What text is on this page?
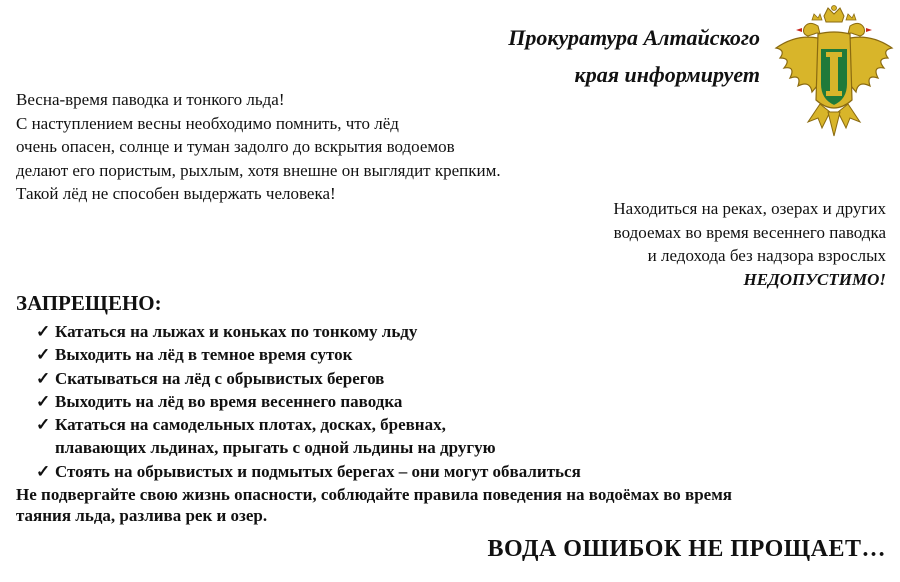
Прокуратура Алтайского
края информирует
Весна-время паводка и тонкого льда!
С наступлением весны необходимо помнить, что лёд
очень опасен, солнце и туман задолго до вскрытия водоемов
делают его пористым, рыхлым, хотя внешне он выглядит крепким.
Такой лёд не способен выдержать человека!
Находиться на реках, озерах и других
водоемах во время весеннего паводка
и ледохода без надзора взрослых
НЕДОПУСТИМО!
ЗАПРЕЩЕНО:
✓ Кататься на лыжах и коньках по тонкому льду
✓ Выходить на лёд в темное время суток
✓ Скатываться на лёд с обрывистых берегов
✓ Выходить на лёд во время весеннего паводка
✓ Кататься на самодельных плотах, досках, бревнах,
плавающих льдинах, прыгать с одной льдины на другую
✓ Стоять на обрывистых и подмытых берегах – они могут обвалиться
Не подвергайте свою жизнь опасности, соблюдайте правила поведения на водоёмах во время
таяния льда, разлива рек и озер.
ВОДА ОШИБОК НЕ ПРОЩАЕТ…
